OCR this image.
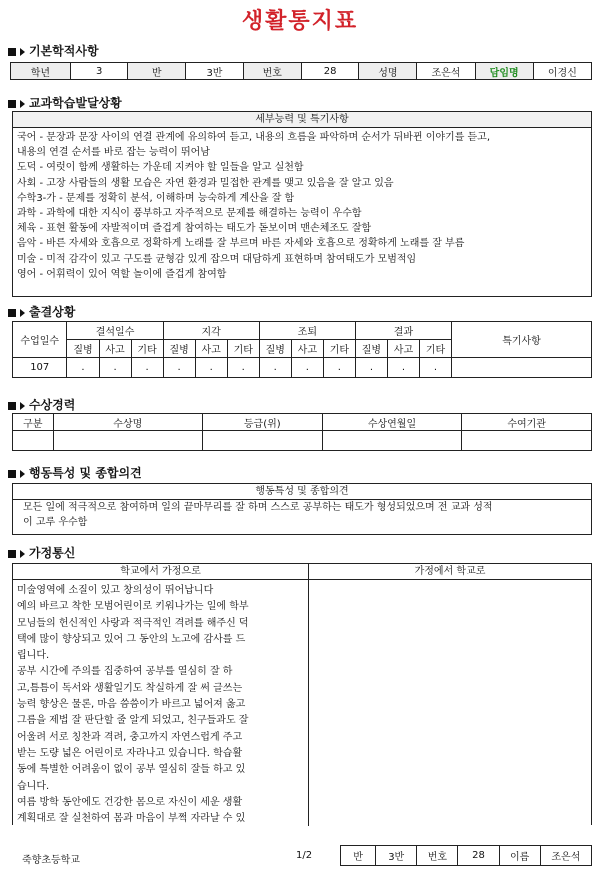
생활통지표
기본학적사항
학년	3	반	3반	번호	28	성명	조은석	담임명	이경신
교과학습발달상황
세부능력 및 특기사항
국어 - 문장과 문장 사이의 연결 관계에 유의하여 듣고, 내용의 흐름을 파악하며 순서가 뒤바뀐 이야기를 듣고,
내용의 연결 순서를 바로 잡는 능력이 뛰어남
도덕 - 여럿이 함께 생활하는 가운데 지켜야 할 일들을 알고 실천함
사회 - 고장 사람들의 생활 모습은 자연 환경과 밀접한 관계를 맺고 있음을 잘 알고 있음
수학3-가 - 문제를 정확히 분석, 이해하며 능숙하게 계산을 잘 함
과학 - 과학에 대한 지식이 풍부하고 자주적으로 문제를 해결하는 능력이 우수함
체육 - 표현 활동에 자발적이며 즐겁게 참여하는 태도가 돋보이며 맨손체조도 잘함
음악 - 바른 자세와 호흡으로 정확하게 노래를 잘 부르며 바른 자세와 호흡으로 정확하게 노래를 잘 부름
미술 - 미적 감각이 있고 구도를 균형감 있게 잡으며 대담하게 표현하며 참여태도가 모범적임
영어 - 어휘력이 있어 역할 놀이에 즐겁게 참여함
출결상황
수업일수	결석일수			지각			조퇴			결과			특기사항
	질병	사고	기타	질병	사고	기타	질병	사고	기타	질병	사고	기타	
107	.	.	.	.	.	.	.	.	.	.	.	.	
수상경력
구분	수상명	등급(위)	수상연월일	수여기관

행동특성 및 종합의견
행동특성 및 종합의견
모든 일에 적극적으로 참여하며 일의 끝마무리를 잘 하며 스스로 공부하는 태도가 형성되었으며 전 교과 성적
이 고루 우수함
가정통신
학교에서 가정으로
미술영역에 소질이 있고 창의성이 뛰어납니다
예의 바르고 착한 모범어린이로 키워나가는 일에 학부
모님들의 헌신적인 사랑과 적극적인 격려를 해주신 덕
택에 많이 향상되고 있어 그 동안의 노고에 감사를 드
립니다.
공부 시간에 주의를 집중하여 공부를 열심히 잘 하
고,틈틈이 독서와 생활일기도 착실하게 잘 써 글쓰는
능력 향상은 물론, 마음 씀씀이가 바르고 넓어져 옳고
그름을 제법 잘 판단할 줄 알게 되었고, 친구들과도 잘
어울려 서로 칭찬과 격려, 충고까지 자연스럽게 주고
받는 도량 넓은 어린이로 자라나고 있습니다. 학습활
동에 특별한 어려움이 없이 공부 열심히 잘들 하고 있
습니다.
여름 방학 동안에도 건강한 몸으로 자신이 세운 생활
계획대로 잘 실천하여 몸과 마음이 부쩍 자라날 수 있
가정에서 학교로
죽향초등학교	1/2	반	3반	번호	28	이름	조은석
